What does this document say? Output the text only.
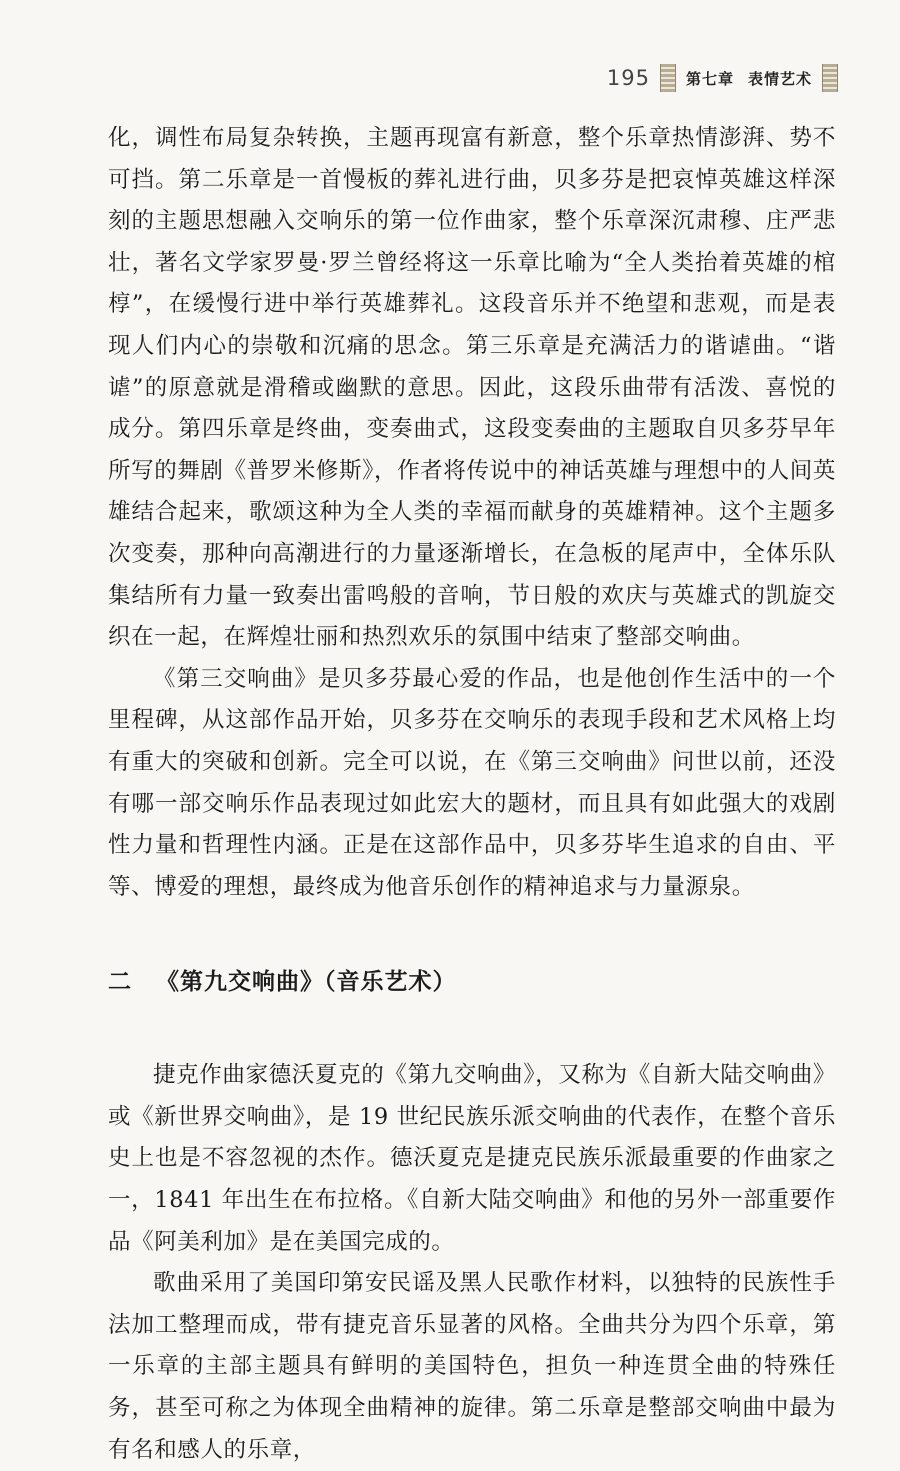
195 第七章 表情艺术

化，调性布局复杂转换，主题再现富有新意，整个乐章热情澎湃、势不可挡。第二乐章是一首慢板的葬礼进行曲，贝多芬是把哀悼英雄这样深刻的主题思想融入交响乐的第一位作曲家，整个乐章深沉肃穆、庄严悲壮，著名文学家罗曼·罗兰曾经将这一乐章比喻为“全人类抬着英雄的棺椁”，在缓慢行进中举行英雄葬礼。这段音乐并不绝望和悲观，而是表现人们内心的崇敬和沉痛的思念。第三乐章是充满活力的谐谑曲。“谐谑”的原意就是滑稽或幽默的意思。因此，这段乐曲带有活泼、喜悦的成分。第四乐章是终曲，变奏曲式，这段变奏曲的主题取自贝多芬早年所写的舞剧《普罗米修斯》，作者将传说中的神话英雄与理想中的人间英雄结合起来，歌颂这种为全人类的幸福而献身的英雄精神。这个主题多次变奏，那种向高潮进行的力量逐渐增长，在急板的尾声中，全体乐队集结所有力量一致奏出雷鸣般的音响，节日般的欢庆与英雄式的凯旋交织在一起，在辉煌壮丽和热烈欢乐的氛围中结束了整部交响曲。

《第三交响曲》是贝多芬最心爱的作品，也是他创作生活中的一个里程碑，从这部作品开始，贝多芬在交响乐的表现手段和艺术风格上均有重大的突破和创新。完全可以说，在《第三交响曲》问世以前，还没有哪一部交响乐作品表现过如此宏大的题材，而且具有如此强大的戏剧性力量和哲理性内涵。正是在这部作品中，贝多芬毕生追求的自由、平等、博爱的理想，最终成为他音乐创作的精神追求与力量源泉。

二 《第九交响曲》（音乐艺术）

捷克作曲家德沃夏克的《第九交响曲》，又称为《自新大陆交响曲》或《新世界交响曲》，是 19 世纪民族乐派交响曲的代表作，在整个音乐史上也是不容忽视的杰作。德沃夏克是捷克民族乐派最重要的作曲家之一，1841 年出生在布拉格。《自新大陆交响曲》和他的另外一部重要作品《阿美利加》是在美国完成的。

歌曲采用了美国印第安民谣及黑人民歌作材料，以独特的民族性手法加工整理而成，带有捷克音乐显著的风格。全曲共分为四个乐章，第一乐章的主部主题具有鲜明的美国特色，担负一种连贯全曲的特殊任务，甚至可称之为体现全曲精神的旋律。第二乐章是整部交响曲中最为有名和感人的乐章，
